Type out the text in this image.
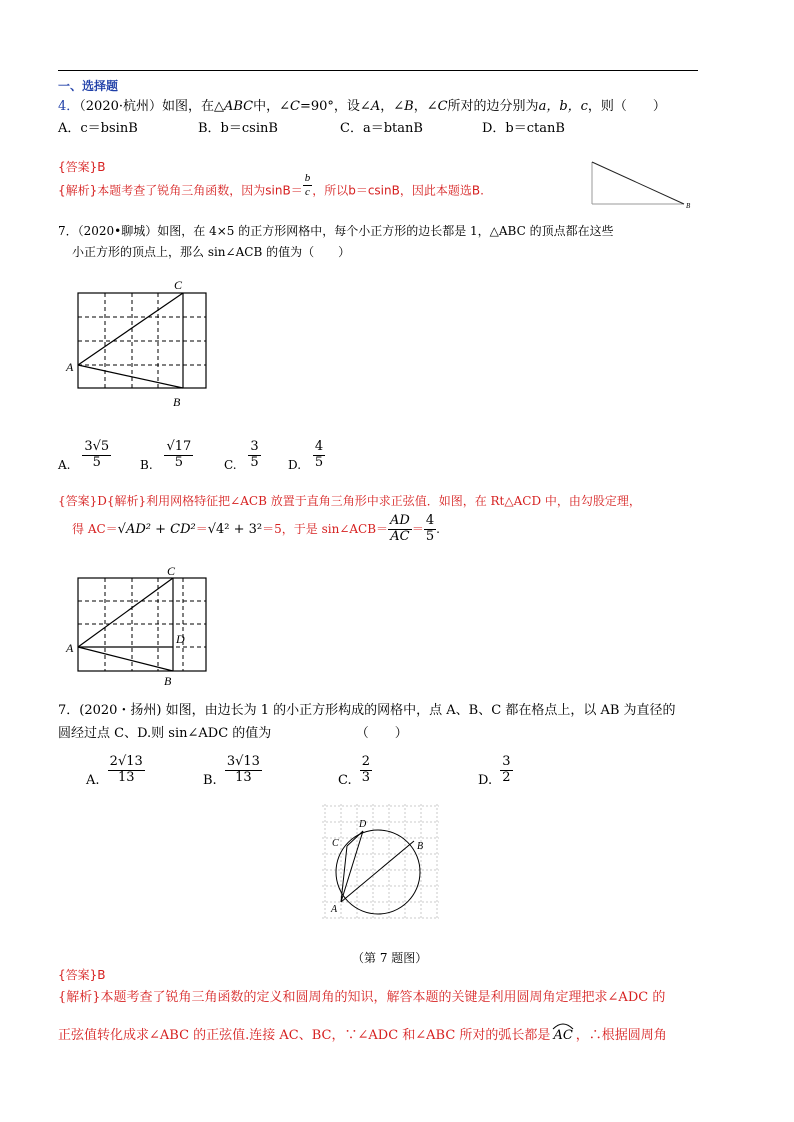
一、选择题
4．（2020·杭州）如图，在△ABC中，∠C=90°，设∠A，∠B，∠C所对的边分别为a，b，c，则（　　）
A．c＝bsinB	B．b＝csinB	C．a＝btanB	D．b＝ctanB
{答案}B
B
{解析}本题考查了锐角三角函数，因为$\sin B= \frac{b}{c}$ ，所以b＝csinB，因此本题选B.
7．（2020•聊城）如图，在 4×5 的正方形网格中，每个小正方形的边长都是 1，△ABC 的顶点都在这些
小正方形的顶点上，那么 sin∠ACB 的值为（　　）
C
A
B
A. $\frac{3√5}{5} B$. $\frac{√17}{5}$	C. $\frac{3}{5} D$. $\frac{4}{5}$
{答案}D{解析}利用网格特征把∠ACB 放置于直角三角形中求正弦值．如图，在 Rt△ACD 中，由勾股定理，
得 AC＝√AD² + CD²＝√4² + 3²＝5，于是 sin∠ACB＝ $\frac{AD}{AC} = \frac{4}{5}$ .
C
A
D
B
7．(2020・扬州) 如图，由边长为 1 的小正方形构成的网格中，点 A、B、C 都在格点上，以 AB 为直径的
圆经过点 C、D.则 sin∠ADC 的值为　　　　　　　（　　）
A. $\frac{2√13}{13}$	B. $\frac{3√13}{13}$	C. $\frac{2}{3}$	D. $\frac{3}{2}$
C
D
B
A
（第 7 题图）
{答案}B
{解析}本题考查了锐角三角函数的定义和圆周角的知识，解答本题的关键是利用圆周角定理把求∠ADC 的
正弦值转化成求∠ABC 的正弦值.连接 AC、BC，∵∠ADC 和∠ABC 所对的弧长都是 AC ，∴根据圆周角
